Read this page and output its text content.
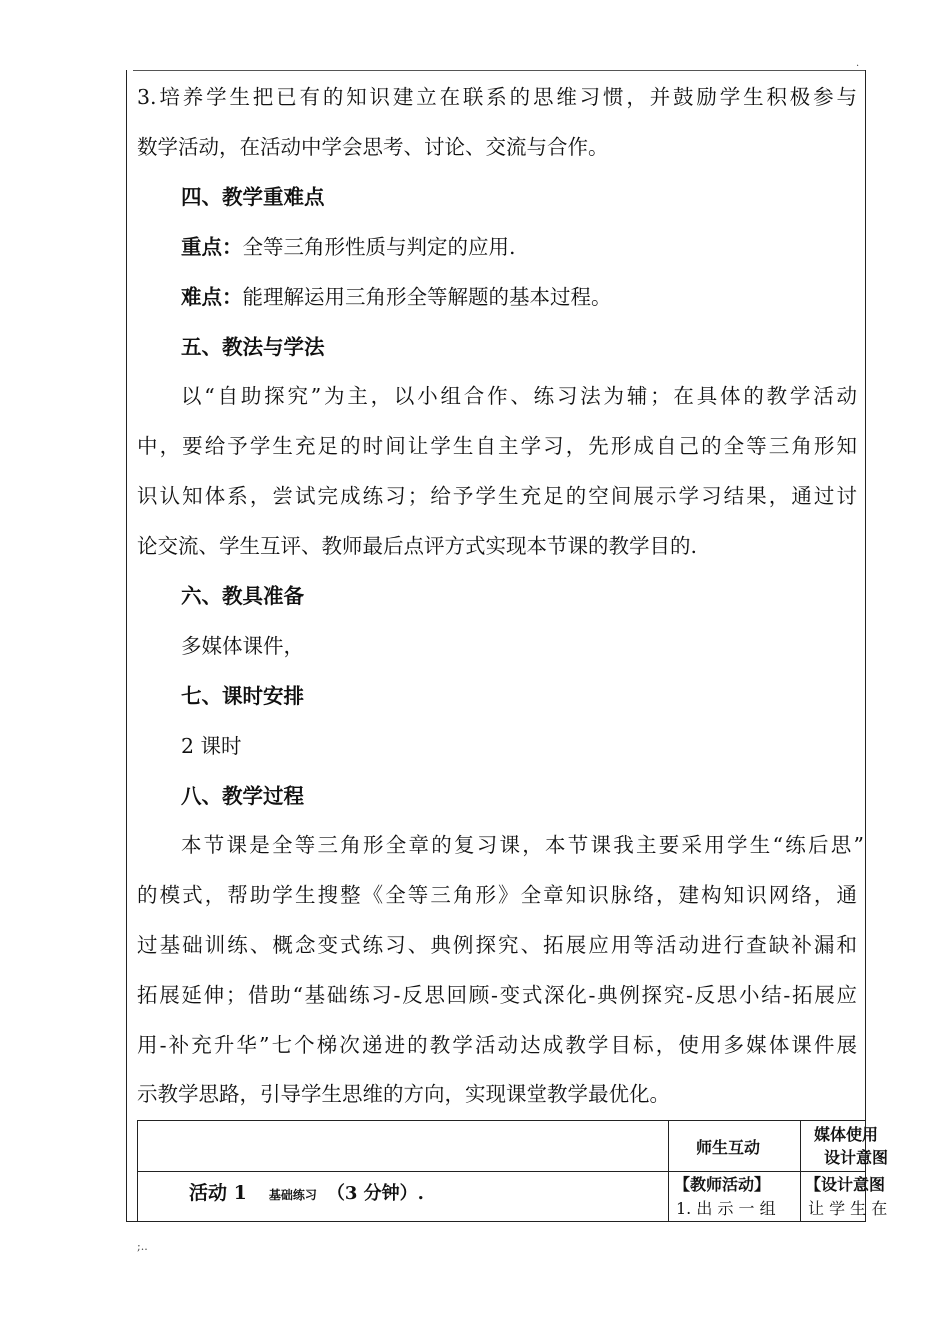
.
3.培养学生把已有的知识建立在联系的思维习惯，并鼓励学生积极参与
数学活动，在活动中学会思考、讨论、交流与合作。
四、教学重难点
重点：全等三角形性质与判定的应用.
难点：能理解运用三角形全等解题的基本过程。
五、教法与学法
以“自助探究”为主，以小组合作、练习法为辅；在具体的教学活动
中，要给予学生充足的时间让学生自主学习，先形成自己的全等三角形知
识认知体系，尝试完成练习；给予学生充足的空间展示学习结果，通过讨
论交流、学生互评、教师最后点评方式实现本节课的教学目的.
六、教具准备
多媒体课件，
七、课时安排
2 课时
八、教学过程
本节课是全等三角形全章的复习课，本节课我主要采用学生“练后思”
的模式，帮助学生搜整《全等三角形》全章知识脉络，建构知识网络，通
过基础训练、概念变式练习、典例探究、拓展应用等活动进行查缺补漏和
拓展延伸；借助“基础练习-反思回顾-变式深化-典例探究-反思小结-拓展应
用-补充升华”七个梯次递进的教学活动达成教学目标，使用多媒体课件展
示教学思路，引导学生思维的方向，实现课堂教学最优化。
师生互动
媒体使用
设计意图
活动 1 基础练习 （3 分钟）.	【教师活动】
1. 出 示 一 组
【设计意图
让 学 生 在
;..
